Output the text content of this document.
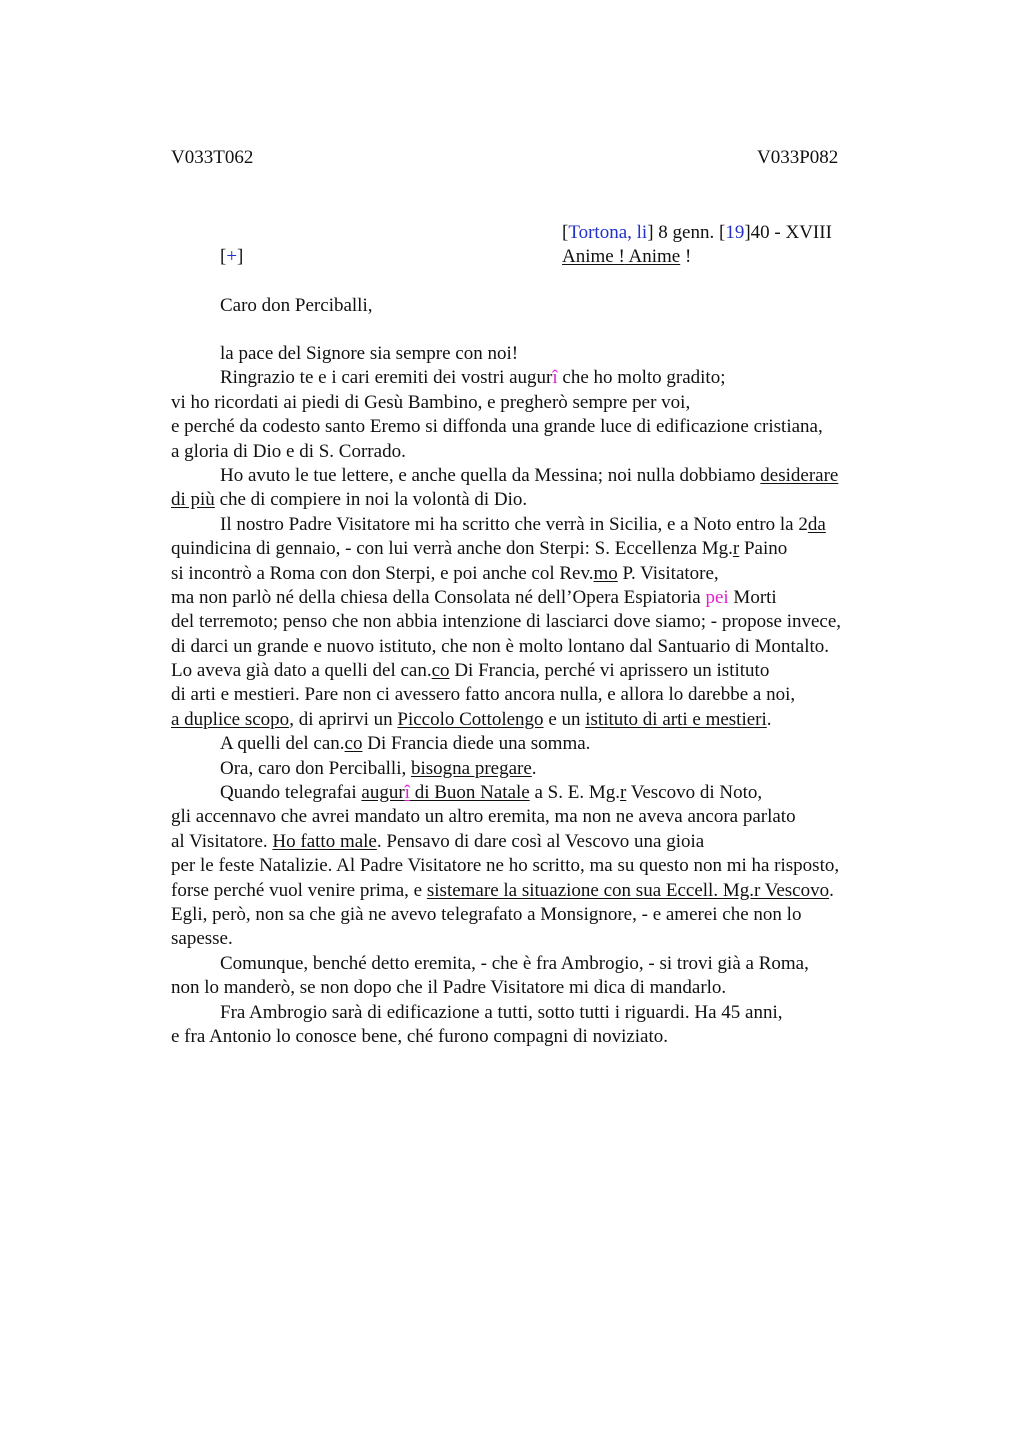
V033T062	V033P082
[Tortona, li] 8 genn. [19]40 - XVIII
[+]	Anime ! Anime !
Caro don Perciballi,
la pace del Signore sia sempre con noi!
Ringrazio te e i cari eremiti dei vostri augurî che ho molto gradito;
vi ho ricordati ai piedi di Gesù Bambino, e pregherò sempre per voi,
e perché da codesto santo Eremo si diffonda una grande luce di edificazione cristiana,
a gloria di Dio e di S. Corrado.
Ho avuto le tue lettere, e anche quella da Messina; noi nulla dobbiamo desiderare
di più che di compiere in noi la volontà di Dio.
Il nostro Padre Visitatore mi ha scritto che verrà in Sicilia, e a Noto entro la 2da
quindicina di gennaio, - con lui verrà anche don Sterpi: S. Eccellenza Mg.r Paino
si incontrò a Roma con don Sterpi, e poi anche col Rev.mo P. Visitatore,
ma non parlò né della chiesa della Consolata né dell’Opera Espiatoria pei Morti
del terremoto; penso che non abbia intenzione di lasciarci dove siamo; - propose invece,
di darci un grande e nuovo istituto, che non è molto lontano dal Santuario di Montalto.
Lo aveva già dato a quelli del can.co Di Francia, perché vi aprissero un istituto
di arti e mestieri. Pare non ci avessero fatto ancora nulla, e allora lo darebbe a noi,
a duplice scopo, di aprirvi un Piccolo Cottolengo e un istituto di arti e mestieri.
A quelli del can.co Di Francia diede una somma.
Ora, caro don Perciballi, bisogna pregare.
Quando telegrafai augurî di Buon Natale a S. E. Mg.r Vescovo di Noto,
gli accennavo che avrei mandato un altro eremita, ma non ne aveva ancora parlato
al Visitatore. Ho fatto male. Pensavo di dare così al Vescovo una gioia
per le feste Natalizie. Al Padre Visitatore ne ho scritto, ma su questo non mi ha risposto,
forse perché vuol venire prima, e sistemare la situazione con sua Eccell. Mg.r Vescovo.
Egli, però, non sa che già ne avevo telegrafato a Monsignore, - e amerei che non lo
sapesse.
Comunque, benché detto eremita, - che è fra Ambrogio, - si trovi già a Roma,
non lo manderò, se non dopo che il Padre Visitatore mi dica di mandarlo.
Fra Ambrogio sarà di edificazione a tutti, sotto tutti i riguardi. Ha 45 anni,
e fra Antonio lo conosce bene, ché furono compagni di noviziato.
